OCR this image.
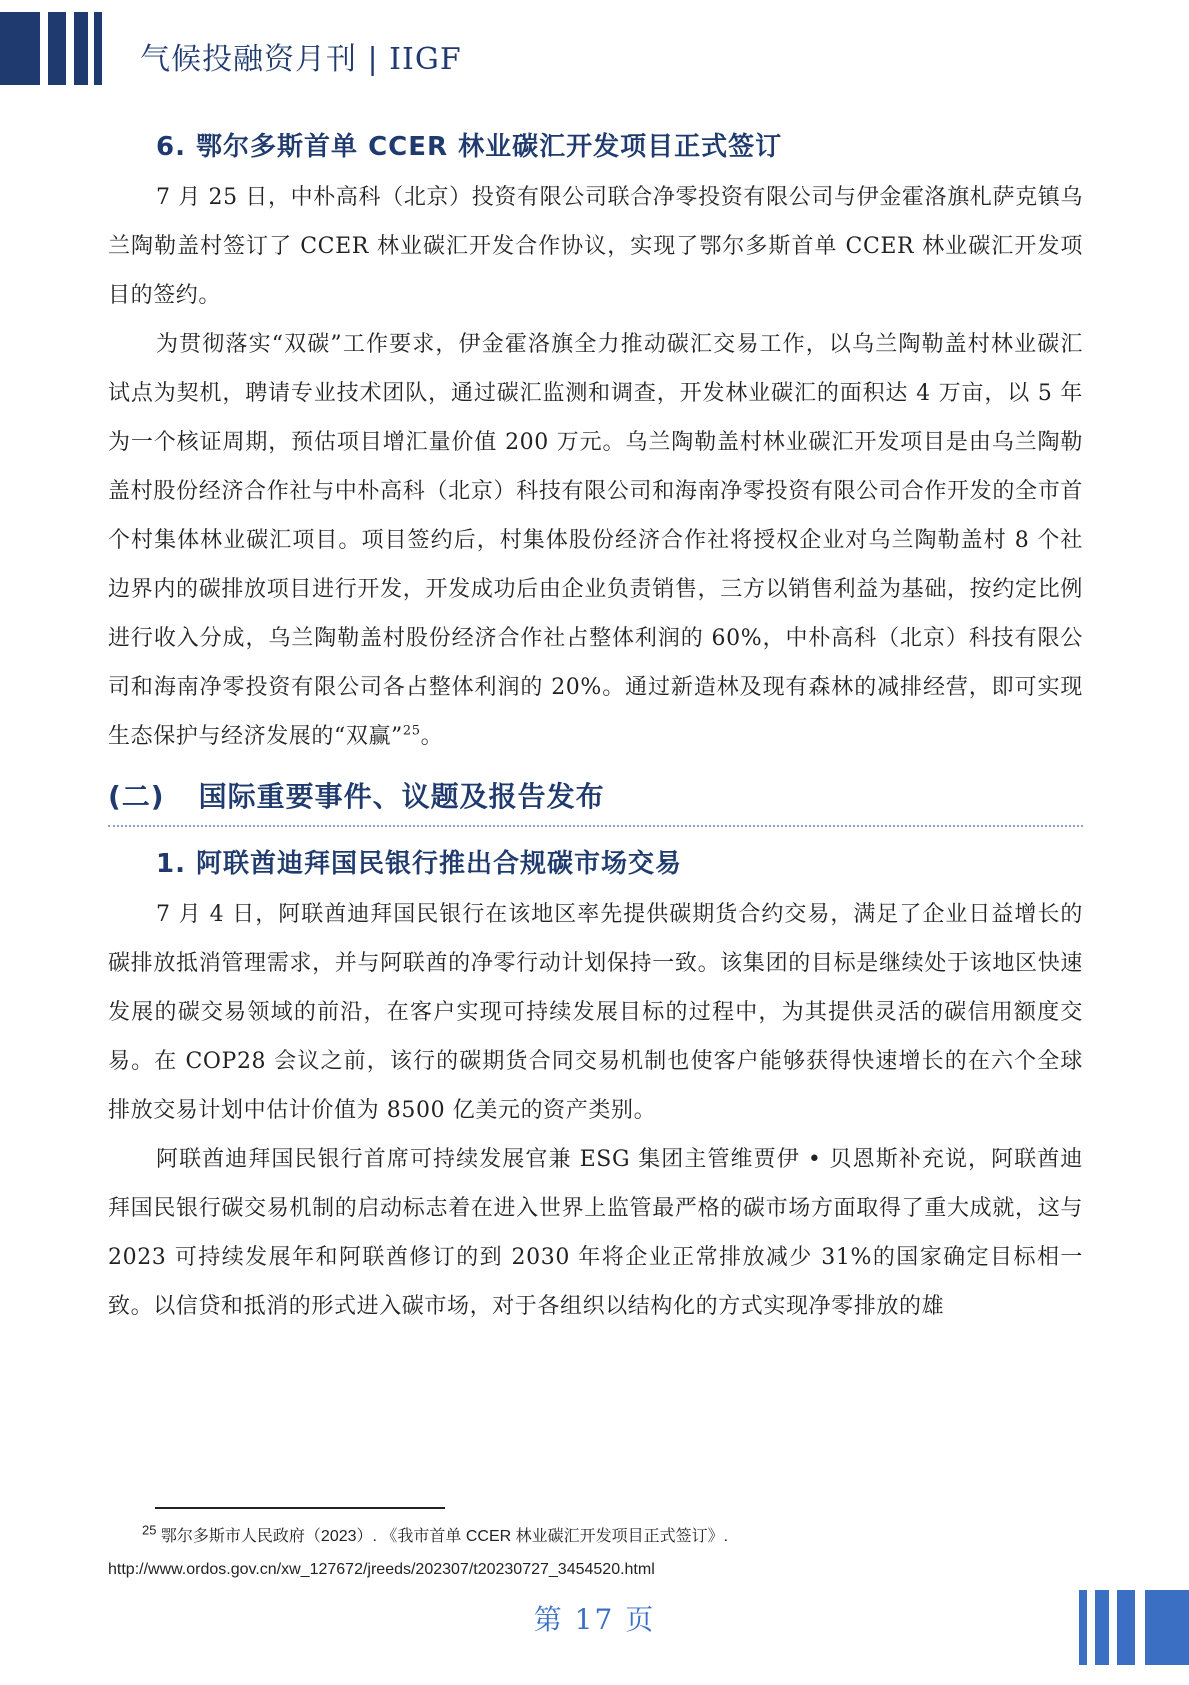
气候投融资月刊 | IIGF
6. 鄂尔多斯首单 CCER 林业碳汇开发项目正式签订

7 月 25 日，中朴高科（北京）投资有限公司联合净零投资有限公司与伊金霍洛旗札萨克镇乌兰陶勒盖村签订了 CCER 林业碳汇开发合作协议，实现了鄂尔多斯首单 CCER 林业碳汇开发项目的签约。

为贯彻落实“双碳”工作要求，伊金霍洛旗全力推动碳汇交易工作，以乌兰陶勒盖村林业碳汇试点为契机，聘请专业技术团队，通过碳汇监测和调查，开发林业碳汇的面积达 4 万亩，以 5 年为一个核证周期，预估项目增汇量价值 200 万元。乌兰陶勒盖村林业碳汇开发项目是由乌兰陶勒盖村股份经济合作社与中朴高科（北京）科技有限公司和海南净零投资有限公司合作开发的全市首个村集体林业碳汇项目。项目签约后，村集体股份经济合作社将授权企业对乌兰陶勒盖村 8 个社边界内的碳排放项目进行开发，开发成功后由企业负责销售，三方以销售利益为基础，按约定比例进行收入分成，乌兰陶勒盖村股份经济合作社占整体利润的 60%，中朴高科（北京）科技有限公司和海南净零投资有限公司各占整体利润的 20%。通过新造林及现有森林的减排经营，即可实现生态保护与经济发展的“双赢”$^{25}$。

(二) 国际重要事件、议题及报告发布
1. 阿联酋迪拜国民银行推出合规碳市场交易

7 月 4 日，阿联酋迪拜国民银行在该地区率先提供碳期货合约交易，满足了企业日益增长的碳排放抵消管理需求，并与阿联酋的净零行动计划保持一致。该集团的目标是继续处于该地区快速发展的碳交易领域的前沿，在客户实现可持续发展目标的过程中，为其提供灵活的碳信用额度交易。在 COP28 会议之前，该行的碳期货合同交易机制也使客户能够获得快速增长的在六个全球排放交易计划中估计价值为 8500 亿美元的资产类别。

阿联酋迪拜国民银行首席可持续发展官兼 ESG 集团主管维贾伊 • 贝恩斯补充说，阿联酋迪拜国民银行碳交易机制的启动标志着在进入世界上监管最严格的碳市场方面取得了重大成就，这与 2023 可持续发展年和阿联酋修订的到 2030 年将企业正常排放减少 31%的国家确定目标相一致。以信贷和抵消的形式进入碳市场，对于各组织以结构化的方式实现净零排放的雄

$^{25}$ 鄂尔多斯市人民政府（2023）. 《我市首单 CCER 林业碳汇开发项目正式签订》.
http://www.ordos.gov.cn/xw_127672/jreeds/202307/t20230727_3454520.html
第 17 页
